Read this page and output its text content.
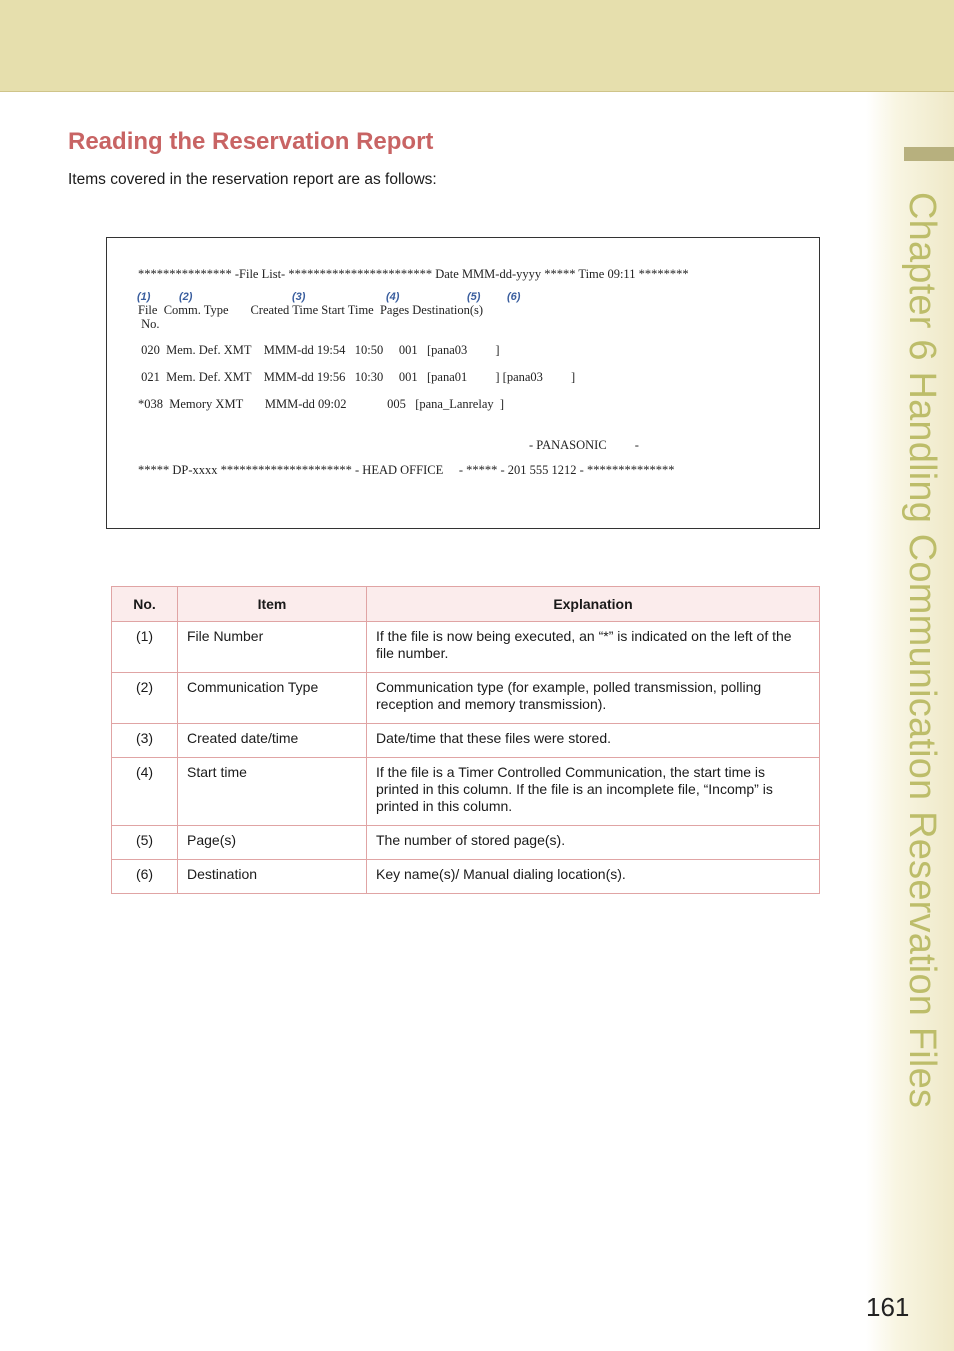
Chapter 6 Handling Communication Reservation Files
Reading the Reservation Report
Items covered in the reservation report are as follows:
*************** -File List- *********************** Date MMM-dd-yyyy ***** Time 09:11 ********
(1)	(2)	(3)	(4)	(5) (6)
File  Comm. Type       Created Time Start Time  Pages Destination(s)
No.
020  Mem. Def. XMT    MMM-dd 19:54   10:50     001   [pana03         ]
021  Mem. Def. XMT    MMM-dd 19:56   10:30     001   [pana01         ] [pana03         ]
*038  Memory XMT       MMM-dd 09:02             005   [pana_Lanrelay  ]
- PANASONIC         -
***** DP-xxxx ********************* - HEAD OFFICE     - ***** - 201 555 1212 - **************
No.	Item	Explanation
(1)	File Number	If the file is now being executed, an “*” is indicated on the left of the file number.
(2)	Communication Type	Communication type (for example, polled transmission, polling reception and memory transmission).
(3)	Created date/time	Date/time that these files were stored.
(4)	Start time	If the file is a Timer Controlled Communication, the start time is printed in this column. If the file is an incomplete file, “Incomp” is printed in this column.
(5)	Page(s)	The number of stored page(s).
(6)	Destination	Key name(s)/ Manual dialing location(s).
161
